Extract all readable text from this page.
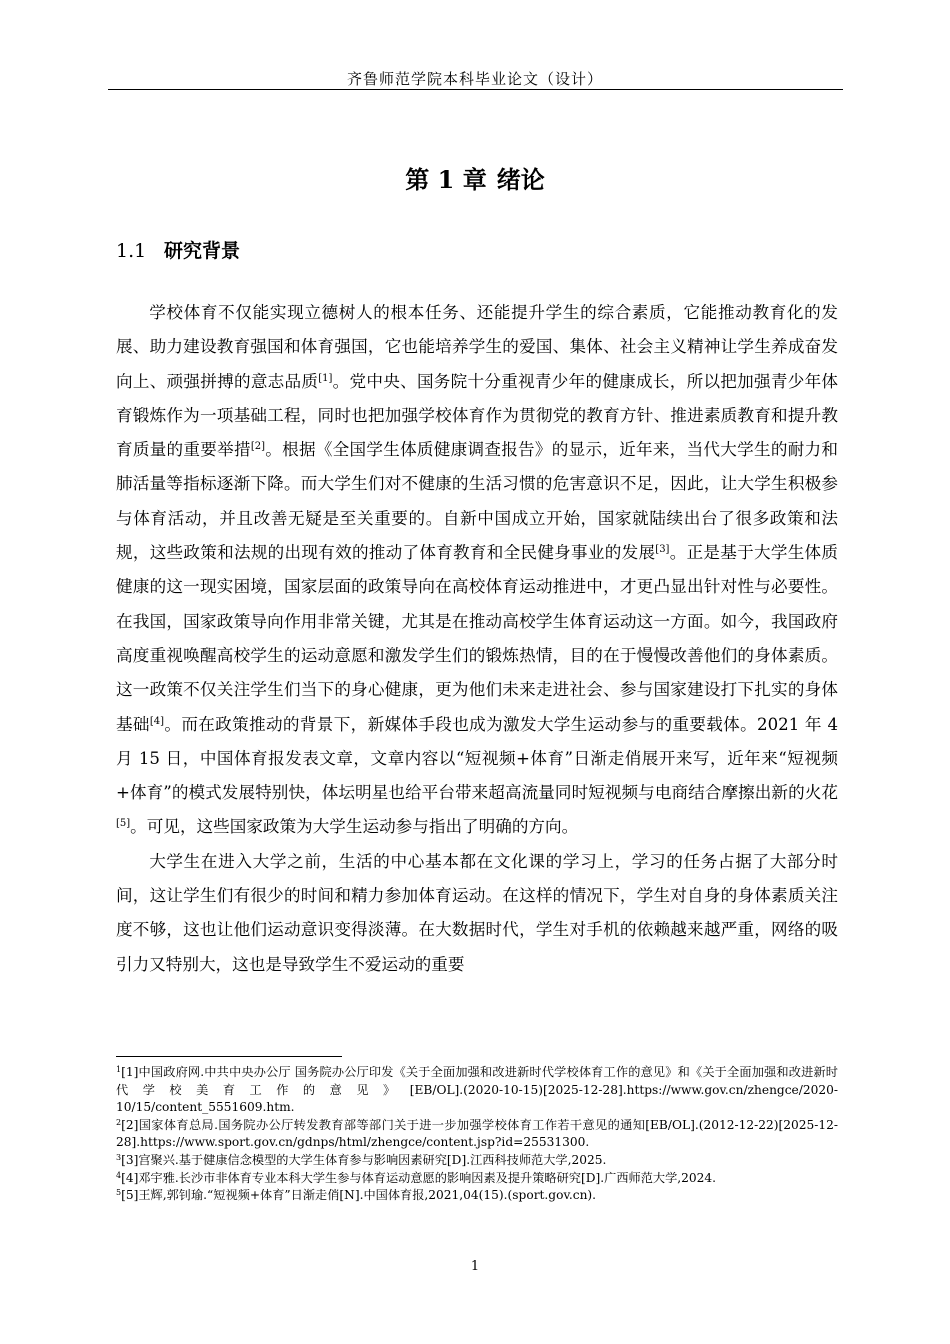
齐鲁师范学院本科毕业论文（设计）
第 1 章 绪论
1.1 研究背景

学校体育不仅能实现立德树人的根本任务、还能提升学生的综合素质，它能推动教育化的发展、助力建设教育强国和体育强国，它也能培养学生的爱国、集体、社会主义精神让学生养成奋发向上、顽强拼搏的意志品质[1]。党中央、国务院十分重视青少年的健康成长，所以把加强青少年体育锻炼作为一项基础工程，同时也把加强学校体育作为贯彻党的教育方针、推进素质教育和提升教育质量的重要举措[2]。根据《全国学生体质健康调查报告》的显示，近年来，当代大学生的耐力和肺活量等指标逐渐下降。而大学生们对不健康的生活习惯的危害意识不足，因此，让大学生积极参与体育活动，并且改善无疑是至关重要的。自新中国成立开始，国家就陆续出台了很多政策和法规，这些政策和法规的出现有效的推动了体育教育和全民健身事业的发展[3]。正是基于大学生体质健康的这一现实困境，国家层面的政策导向在高校体育运动推进中，才更凸显出针对性与必要性。在我国，国家政策导向作用非常关键，尤其是在推动高校学生体育运动这一方面。如今，我国政府高度重视唤醒高校学生的运动意愿和激发学生们的锻炼热情，目的在于慢慢改善他们的身体素质。这一政策不仅关注学生们当下的身心健康，更为他们未来走进社会、参与国家建设打下扎实的身体基础[4]。而在政策推动的背景下，新媒体手段也成为激发大学生运动参与的重要载体。2021 年 4 月 15 日，中国体育报发表文章，文章内容以“短视频+体育”日渐走俏展开来写，近年来“短视频+体育”的模式发展特别快，体坛明星也给平台带来超高流量同时短视频与电商结合摩擦出新的火花[5]。可见，这些国家政策为大学生运动参与指出了明确的方向。

大学生在进入大学之前，生活的中心基本都在文化课的学习上，学习的任务占据了大部分时间，这让学生们有很少的时间和精力参加体育运动。在这样的情况下，学生对自身的身体素质关注度不够，这也让他们运动意识变得淡薄。在大数据时代，学生对手机的依赖越来越严重，网络的吸引力又特别大，这也是导致学生不爱运动的重要

$^1$[1]中国政府网.中共中央办公厅 国务院办公厅印发《关于全面加强和改进新时代学校体育工作的意见》和《关于全面加强和改进新时代学校美育工作的意见》[EB/OL].(2020-10-15)[2025-12-28].https://www.gov.cn/zhengce/2020-10/15/content_5551609.htm.

$^2$[2]国家体育总局.国务院办公厅转发教育部等部门关于进一步加强学校体育工作若干意见的通知[EB/OL].(2012-12-22)[2025-12-28].https://www.sport.gov.cn/gdnps/html/zhengce/content.jsp?id=25531300.

$^3$[3]宫聚兴.基于健康信念模型的大学生体育参与影响因素研究[D].江西科技师范大学,2025.

$^4$[4]邓宇雅.长沙市非体育专业本科大学生参与体育运动意愿的影响因素及提升策略研究[D].广西师范大学,2024.

$^5$[5]王辉,郭钊瑜.“短视频+体育”日渐走俏[N].中国体育报,2021,04(15).(sport.gov.cn).

1
